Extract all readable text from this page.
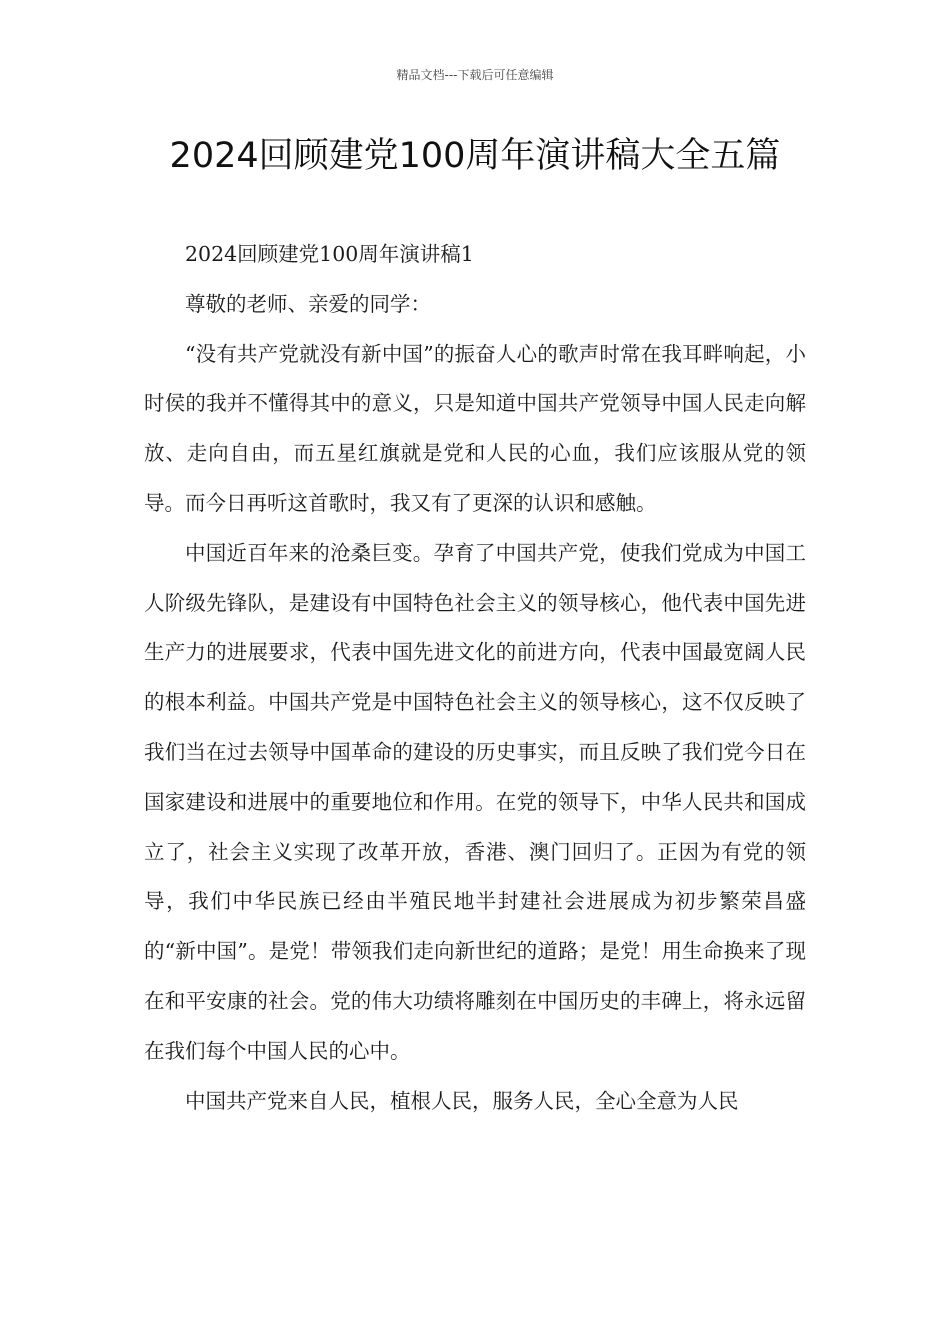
精品文档---下载后可任意编辑
2024回顾建党100周年演讲稿大全五篇

2024回顾建党100周年演讲稿1

尊敬的老师、亲爱的同学：

“没有共产党就没有新中国”的振奋人心的歌声时常在我耳畔响起，小时侯的我并不懂得其中的意义，只是知道中国共产党领导中国人民走向解放、走向自由，而五星红旗就是党和人民的心血，我们应该服从党的领导。而今日再听这首歌时，我又有了更深的认识和感触。

中国近百年来的沧桑巨变。孕育了中国共产党，使我们党成为中国工人阶级先锋队，是建设有中国特色社会主义的领导核心，他代表中国先进生产力的进展要求，代表中国先进文化的前进方向，代表中国最宽阔人民的根本利益。中国共产党是中国特色社会主义的领导核心，这不仅反映了我们当在过去领导中国革命的建设的历史事实，而且反映了我们党今日在国家建设和进展中的重要地位和作用。在党的领导下，中华人民共和国成立了，社会主义实现了改革开放，香港、澳门回归了。正因为有党的领导，我们中华民族已经由半殖民地半封建社会进展成为初步繁荣昌盛的“新中国”。是党！带领我们走向新世纪的道路；是党！用生命换来了现在和平安康的社会。党的伟大功绩将雕刻在中国历史的丰碑上，将永远留在我们每个中国人民的心中。

中国共产党来自人民，植根人民，服务人民，全心全意为人民
